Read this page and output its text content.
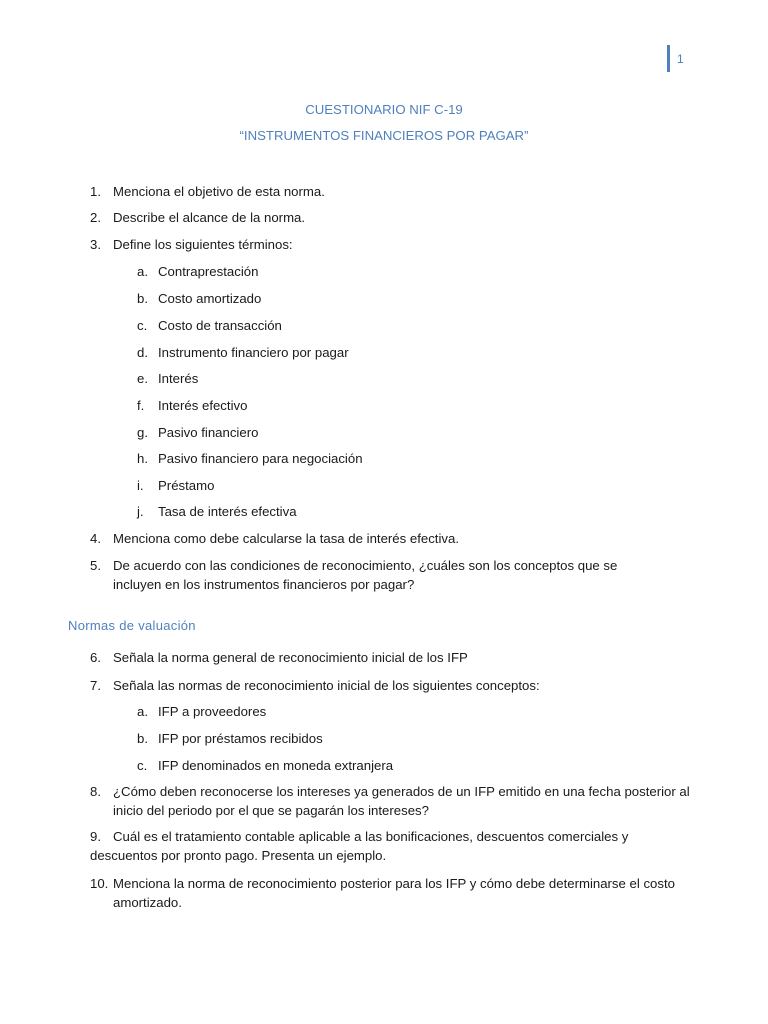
1
CUESTIONARIO NIF C-19
“INSTRUMENTOS FINANCIEROS POR PAGAR”
1. Menciona el objetivo de esta norma.
2. Describe el alcance de la norma.
3. Define los siguientes términos:
a. Contraprestación
b. Costo amortizado
c. Costo de transacción
d. Instrumento financiero por pagar
e. Interés
f.	Interés efectivo
g. Pasivo financiero
h. Pasivo financiero para negociación
i.	Préstamo
j.	Tasa de interés efectiva
4. Menciona como debe calcularse la tasa de interés efectiva.
5. De acuerdo con las condiciones de reconocimiento, ¿cuáles son los conceptos que se incluyen en los instrumentos financieros por pagar?
Normas de valuación
6. Señala la norma general de reconocimiento inicial de los IFP
7. Señala las normas de reconocimiento inicial de los siguientes conceptos:
a. IFP a proveedores
b. IFP por préstamos recibidos
c. IFP denominados en moneda extranjera
8. ¿Cómo deben reconocerse los intereses ya generados de un IFP emitido en una fecha posterior al inicio del periodo por el que se pagarán los intereses?
9. Cuál es el tratamiento contable aplicable a las bonificaciones, descuentos comerciales y descuentos por pronto pago. Presenta un ejemplo.
10. Menciona la norma de reconocimiento posterior para los IFP y cómo debe determinarse el costo amortizado.
